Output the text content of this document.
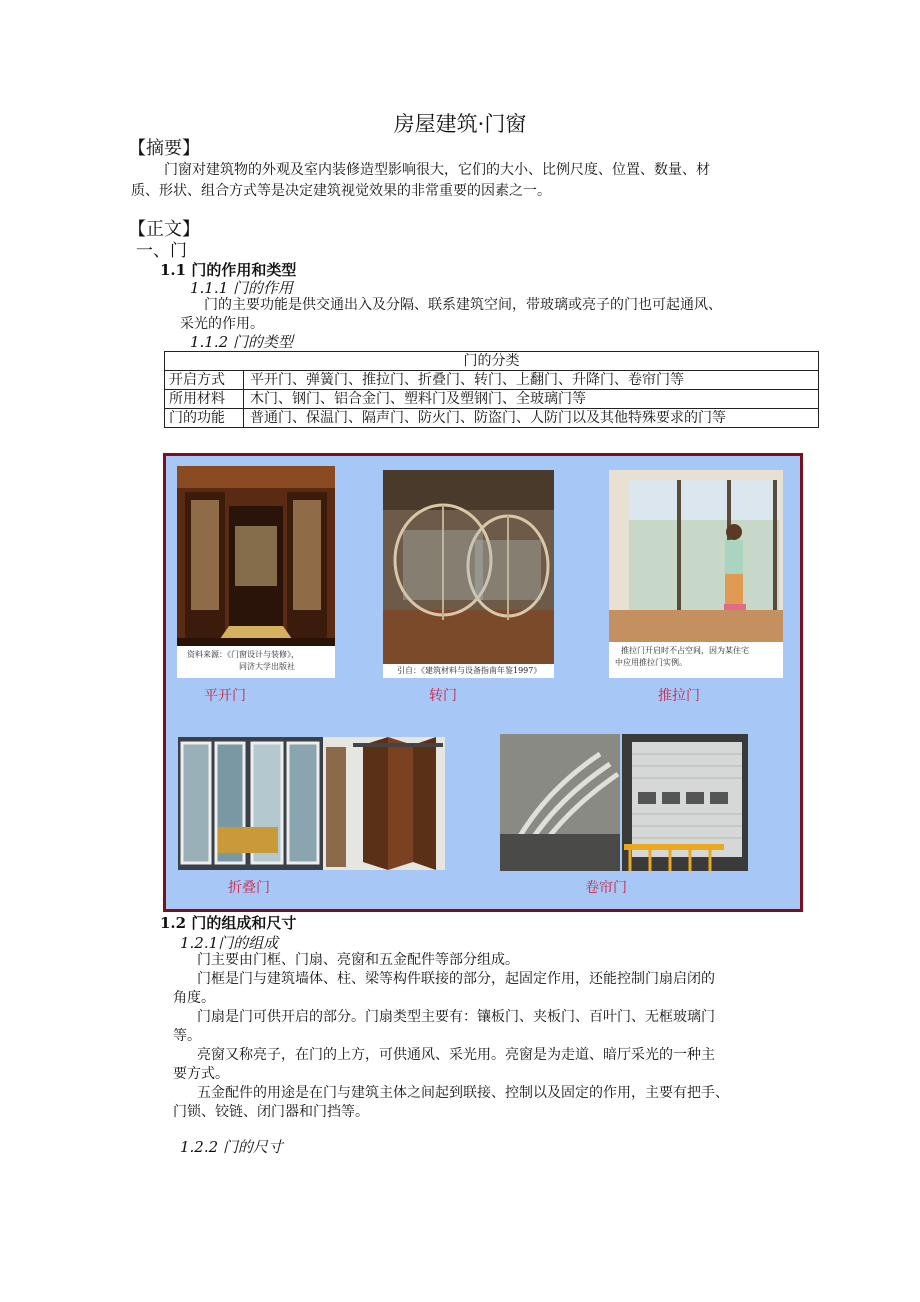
房屋建筑·门窗
【摘要】
门窗对建筑物的外观及室内装修造型影响很大，它们的大小、比例尺度、位置、数量、材
质、形状、组合方式等是决定建筑视觉效果的非常重要的因素之一。
【正文】
一、门
1.1 门的作用和类型
1.1.1 门的作用
门的主要功能是供交通出入及分隔、联系建筑空间，带玻璃或亮子的门也可起通风、
采光的作用。
1.1.2 门的类型
门的分类	
开启方式	平开门、弹簧门、推拉门、折叠门、转门、上翻门、升降门、卷帘门等
所用材料	木门、钢门、铝合金门、塑料门及塑钢门、全玻璃门等
门的功能	普通门、保温门、隔声门、防火门、防盗门、人防门以及其他特殊要求的门等
资料来源：《门窗设计与装修》，
同济大学出版社	引自：《建筑材料与设备指南年鉴1997》
推拉门开启时不占空间，因为某住宅
中应用推拉门实例。
平开门	转门	推拉门
折叠门	卷帘门
1.2 门的组成和尺寸
1.2.1门的组成
门主要由门框、门扇、亮窗和五金配件等部分组成。
门框是门与建筑墙体、柱、梁等构件联接的部分，起固定作用，还能控制门扇启闭的
角度。
门扇是门可供开启的部分。门扇类型主要有：镶板门、夹板门、百叶门、无框玻璃门
等。
亮窗又称亮子，在门的上方，可供通风、采光用。亮窗是为走道、暗厅采光的一种主
要方式。
五金配件的用途是在门与建筑主体之间起到联接、控制以及固定的作用，主要有把手、
门锁、铰链、闭门器和门挡等。
1.2.2 门的尺寸
